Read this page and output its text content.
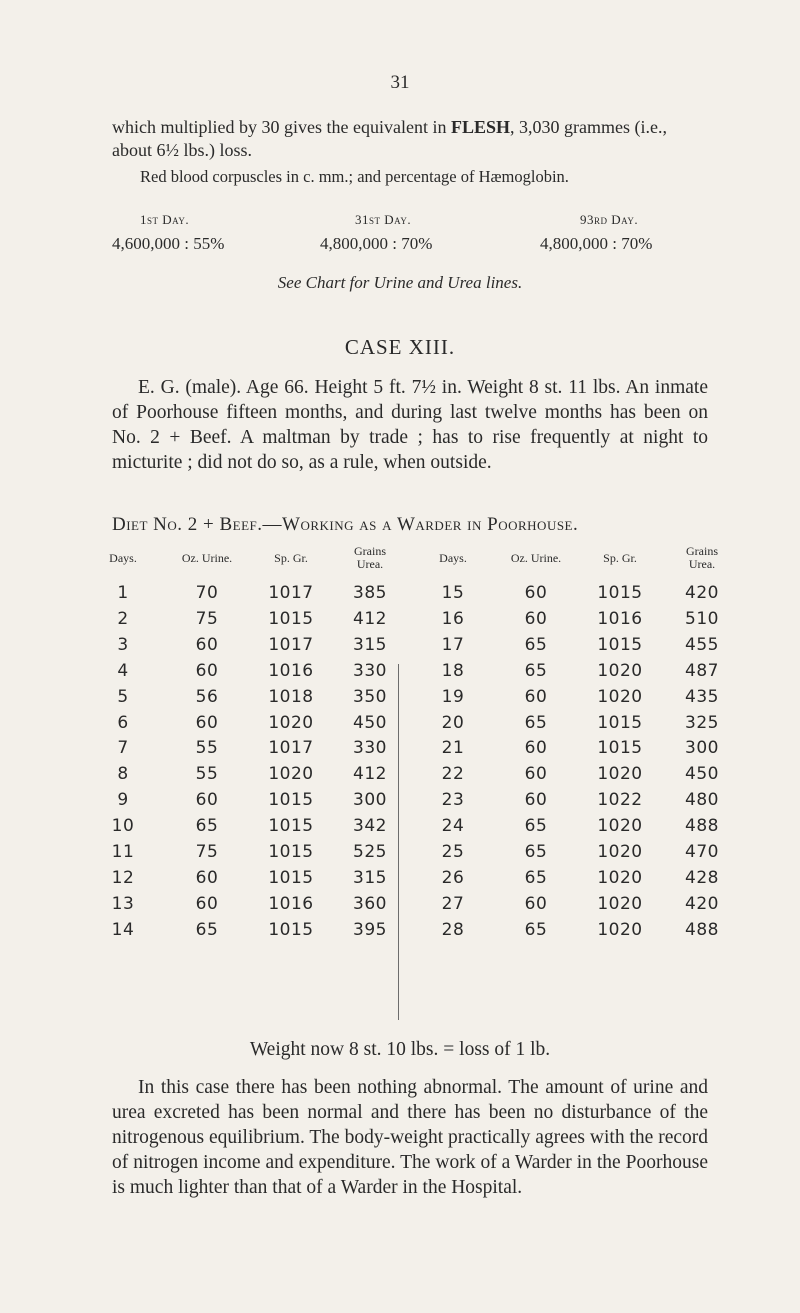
31
which multiplied by 30 gives the equivalent in FLESH, 3,030 grammes (i.e., about 6½ lbs.) loss.
Red blood corpuscles in c. mm.; and percentage of Hæmoglobin.
1st Day.	31st Day.	93rd Day.
4,600,000 : 55%	4,800,000 : 70%	4,800,000 : 70%
See Chart for Urine and Urea lines.
CASE XIII.
E. G. (male). Age 66. Height 5 ft. 7½ in. Weight 8 st. 11 lbs. An inmate of Poorhouse fifteen months, and during last twelve months has been on No. 2 + Beef. A maltman by trade ; has to rise frequently at night to micturite ; did not do so, as a rule, when outside.
Diet No. 2 + Beef.—Working as a Warder in Poorhouse.
Days.	Oz. Urine.	Sp. Gr.	Grains Urea.	Days.	Oz. Urine.	Sp. Gr.	Grains Urea.
1	70	1017	385	15	60	1015	420
2	75	1015	412	16	60	1016	510
3	60	1017	315	17	65	1015	455
4	60	1016	330	18	65	1020	487
5	56	1018	350	19	60	1020	435
6	60	1020	450	20	65	1015	325
7	55	1017	330	21	60	1015	300
8	55	1020	412	22	60	1020	450
9	60	1015	300	23	60	1022	480
10	65	1015	342	24	65	1020	488
11	75	1015	525	25	65	1020	470
12	60	1015	315	26	65	1020	428
13	60	1016	360	27	60	1020	420
14	65	1015	395	28	65	1020	488
Weight now 8 st. 10 lbs. = loss of 1 lb.
In this case there has been nothing abnormal. The amount of urine and urea excreted has been normal and there has been no disturbance of the nitrogenous equilibrium. The body-weight practically agrees with the record of nitrogen income and expenditure. The work of a Warder in the Poorhouse is much lighter than that of a Warder in the Hospital.
